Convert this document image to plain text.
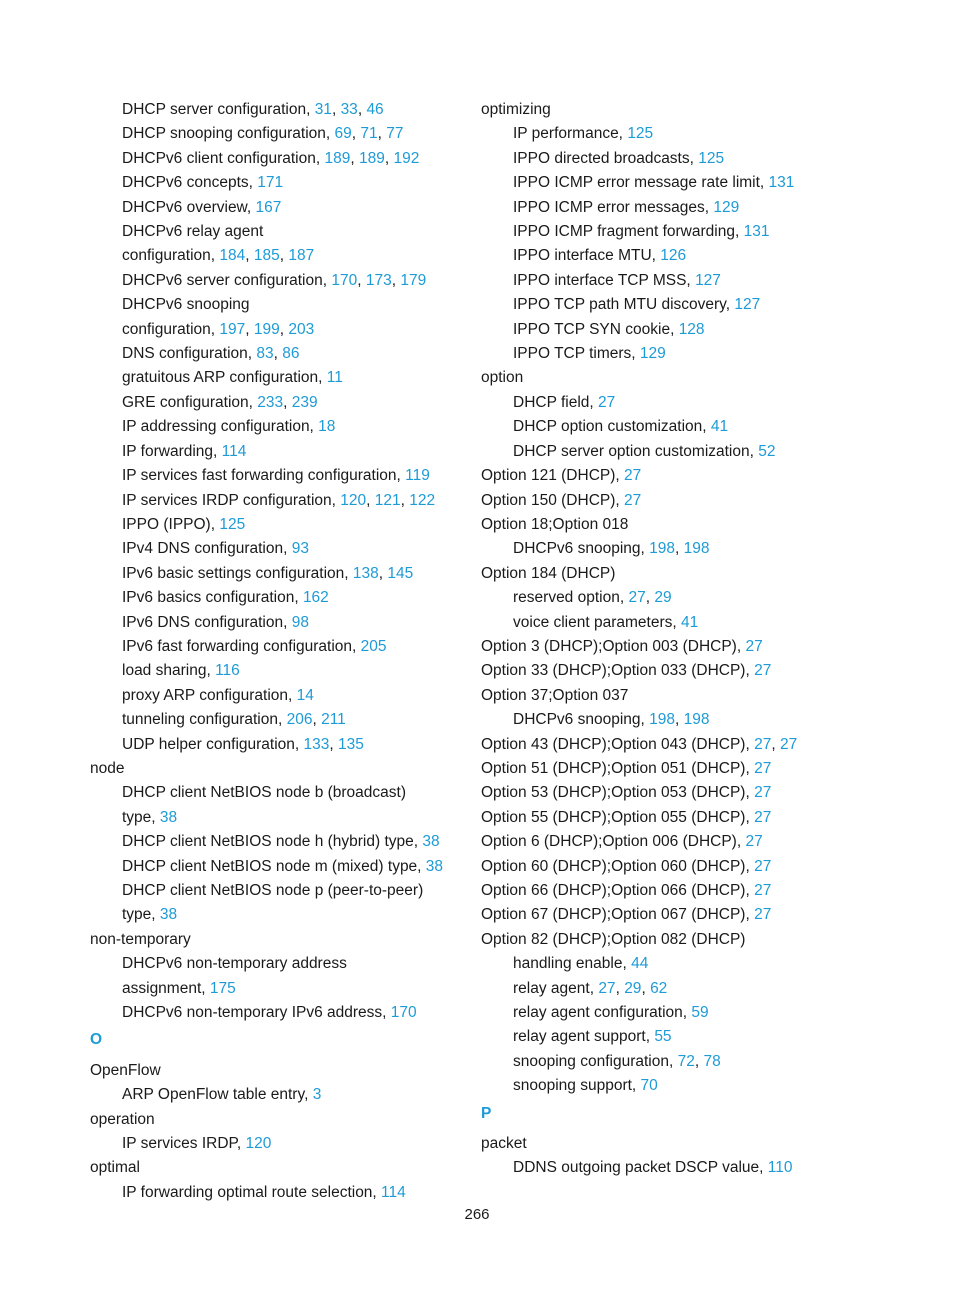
DHCP server configuration, 31, 33, 46
DHCP snooping configuration, 69, 71, 77
DHCPv6 client configuration, 189, 189, 192
DHCPv6 concepts, 171
DHCPv6 overview, 167
DHCPv6 relay agent
configuration, 184, 185, 187
DHCPv6 server configuration, 170, 173, 179
DHCPv6 snooping
configuration, 197, 199, 203
DNS configuration, 83, 86
gratuitous ARP configuration, 11
GRE configuration, 233, 239
IP addressing configuration, 18
IP forwarding, 114
IP services fast forwarding configuration, 119
IP services IRDP configuration, 120, 121, 122
IPPO (IPPO), 125
IPv4 DNS configuration, 93
IPv6 basic settings configuration, 138, 145
IPv6 basics configuration, 162
IPv6 DNS configuration, 98
IPv6 fast forwarding configuration, 205
load sharing, 116
proxy ARP configuration, 14
tunneling configuration, 206, 211
UDP helper configuration, 133, 135
node
DHCP client NetBIOS node b (broadcast)
type, 38
DHCP client NetBIOS node h (hybrid) type, 38
DHCP client NetBIOS node m (mixed) type, 38
DHCP client NetBIOS node p (peer-to-peer)
type, 38
non-temporary
DHCPv6 non-temporary address
assignment, 175
DHCPv6 non-temporary IPv6 address, 170
O
OpenFlow
ARP OpenFlow table entry, 3
operation
IP services IRDP, 120
optimal
IP forwarding optimal route selection, 114
optimizing
IP performance, 125
IPPO directed broadcasts, 125
IPPO ICMP error message rate limit, 131
IPPO ICMP error messages, 129
IPPO ICMP fragment forwarding, 131
IPPO interface MTU, 126
IPPO interface TCP MSS, 127
IPPO TCP path MTU discovery, 127
IPPO TCP SYN cookie, 128
IPPO TCP timers, 129
option
DHCP field, 27
DHCP option customization, 41
DHCP server option customization, 52
Option 121 (DHCP), 27
Option 150 (DHCP), 27
Option 18;Option 018
DHCPv6 snooping, 198, 198
Option 184 (DHCP)
reserved option, 27, 29
voice client parameters, 41
Option 3 (DHCP);Option 003 (DHCP), 27
Option 33 (DHCP);Option 033 (DHCP), 27
Option 37;Option 037
DHCPv6 snooping, 198, 198
Option 43 (DHCP);Option 043 (DHCP), 27, 27
Option 51 (DHCP);Option 051 (DHCP), 27
Option 53 (DHCP);Option 053 (DHCP), 27
Option 55 (DHCP);Option 055 (DHCP), 27
Option 6 (DHCP);Option 006 (DHCP), 27
Option 60 (DHCP);Option 060 (DHCP), 27
Option 66 (DHCP);Option 066 (DHCP), 27
Option 67 (DHCP);Option 067 (DHCP), 27
Option 82 (DHCP);Option 082 (DHCP)
handling enable, 44
relay agent, 27, 29, 62
relay agent configuration, 59
relay agent support, 55
snooping configuration, 72, 78
snooping support, 70
P
packet
DDNS outgoing packet DSCP value, 110
266
